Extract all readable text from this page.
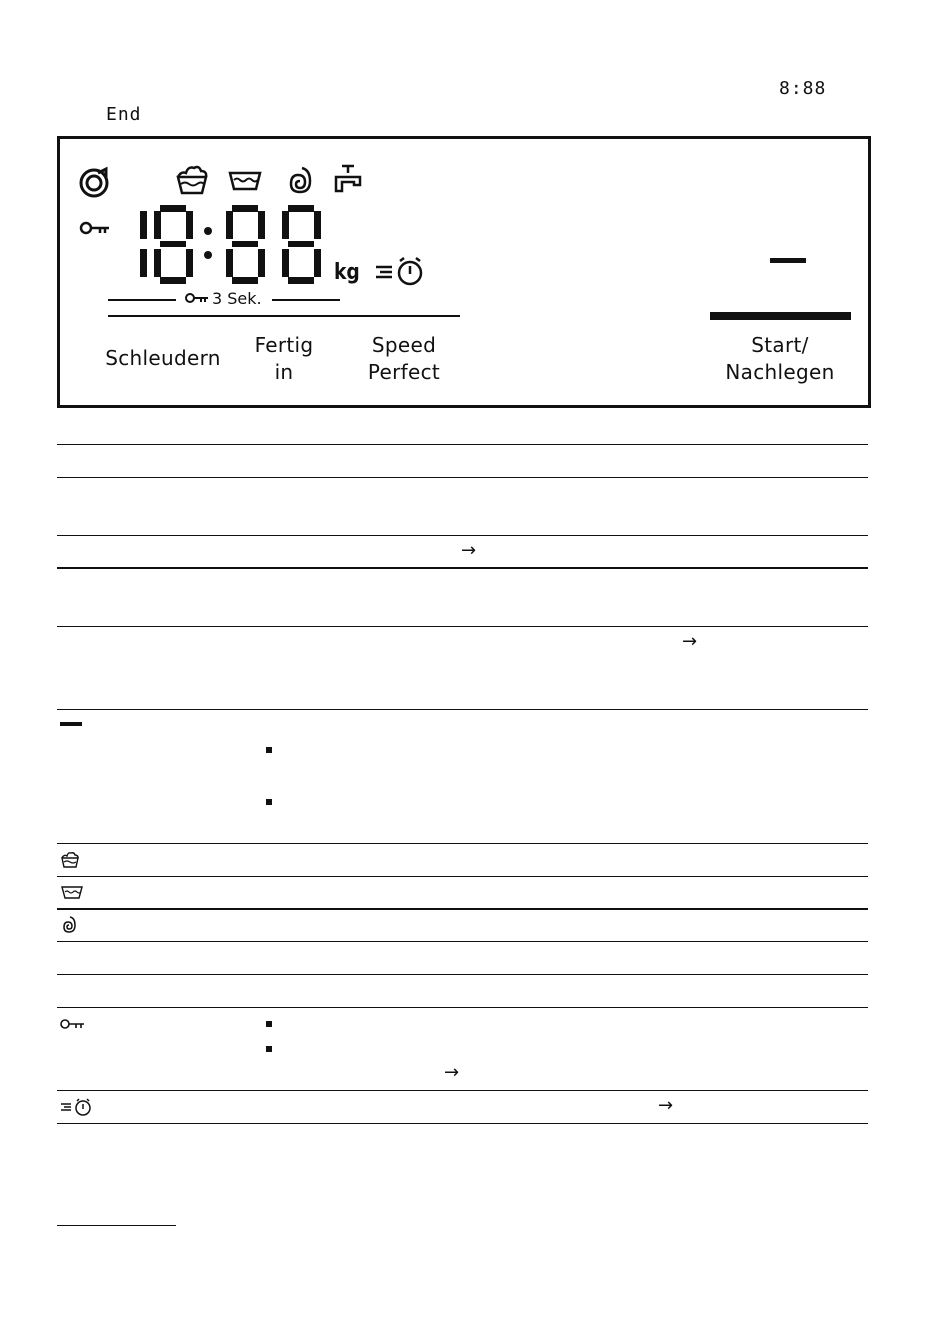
8:88
End
kg
3 Sek.
Schleudern
Fertig
in
Speed
Perfect
Start/
Nachlegen
→
→
→
→
